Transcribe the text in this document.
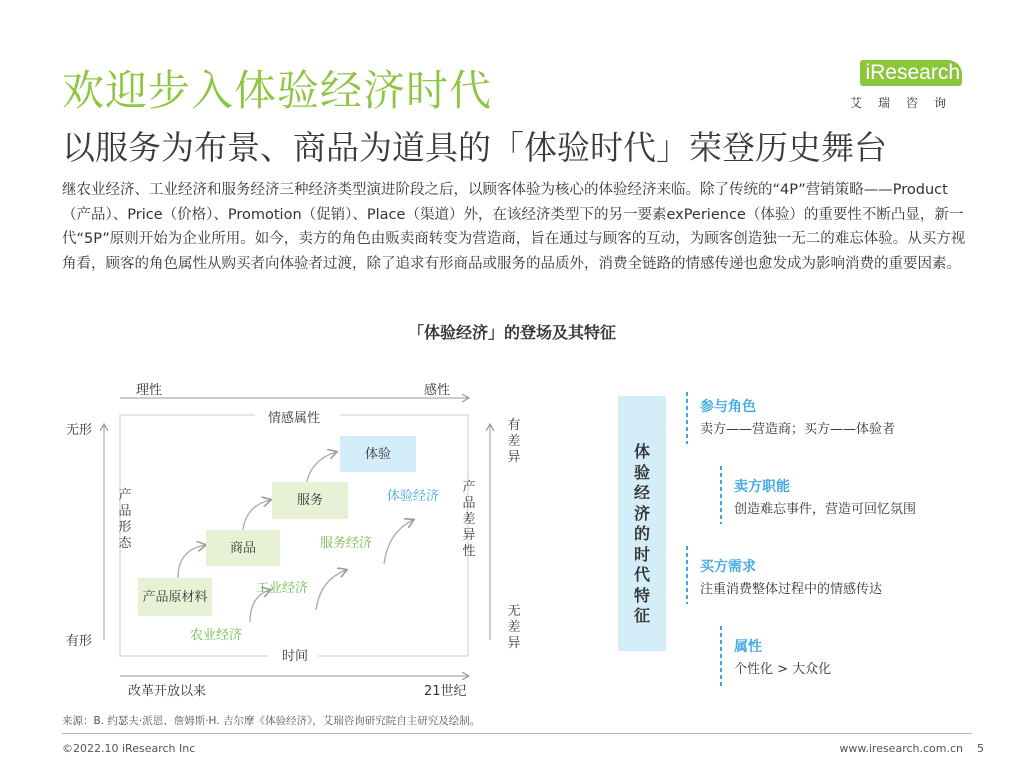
欢迎步入体验经济时代
以服务为布景、商品为道具的「体验时代」荣登历史舞台
iResearch
艾瑞咨询
继农业经济、工业经济和服务经济三种经济类型演进阶段之后，以顾客体验为核心的体验经济来临。除了传统的“4P”营销策略——Product（产品）、Price（价格）、Promotion（促销）、Place（渠道）外，在该经济类型下的另一要素exPerience（体验）的重要性不断凸显，新一代“5P”原则开始为企业所用。如今，卖方的角色由贩卖商转变为营造商，旨在通过与顾客的互动，为顾客创造独一无二的难忘体验。从买方视角看，顾客的角色属性从购买者向体验者过渡，除了追求有形商品或服务的品质外，消费全链路的情感传递也愈发成为影响消费的重要因素。
「体验经济」的登场及其特征
理性	感性
情感属性
无形
有形
产品形态
有差异
无差异
产品差异性
时间
改革开放以来	21世纪
产品原材料
商品
服务
体验
农业经济
工业经济
服务经济
体验经济
体验经济的时代特征
参与角色
卖方——营造商；买方——体验者
卖方职能
创造难忘事件，营造可回忆氛围
买方需求
注重消费整体过程中的情感传达
属性
个性化 > 大众化
来源：B. 约瑟夫·派恩、詹姆斯·H. 吉尔摩《体验经济》，艾瑞咨询研究院自主研究及绘制。
©2022.10 iResearch Inc	www.iresearch.com.cn    5
